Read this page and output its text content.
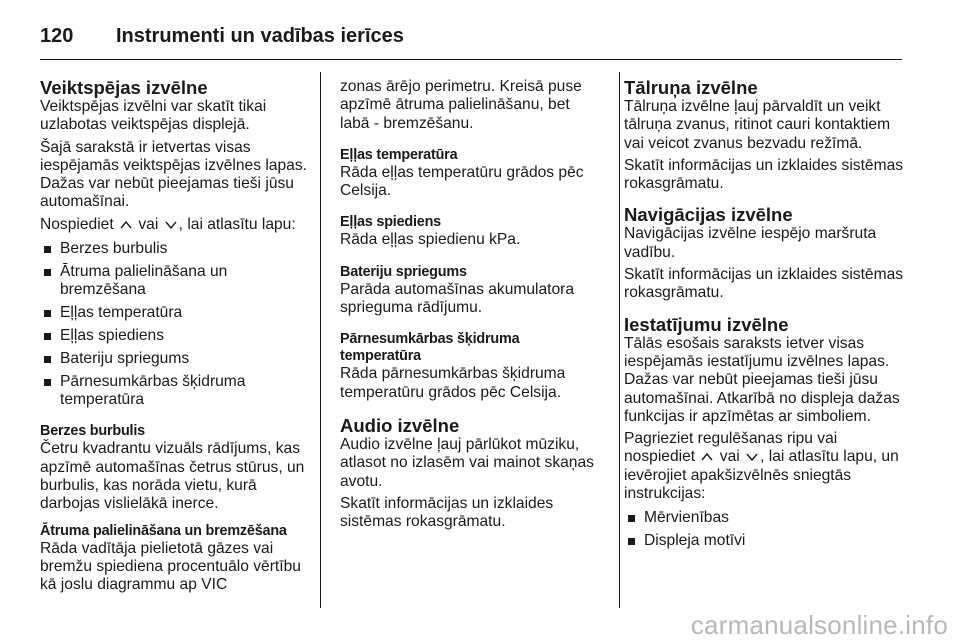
120	Instrumenti un vadības ierīces
Veiktspējas izvēlne

Veiktspējas izvēlni var skatīt tikai uzlabotas veiktspējas displejā.

Šajā sarakstā ir ietvertas visas iespējamās veiktspējas izvēlnes lapas. Dažas var nebūt pieejamas tieši jūsu automašīnai.

Nospiediet vai , lai atlasītu lapu:

Berzes burbulis
Ātruma palielināšana un bremzēšana
Eļļas temperatūra
Eļļas spiediens
Bateriju spriegums
Pārnesumkārbas šķidruma temperatūra
Berzes burbulis

Četru kvadrantu vizuāls rādījums, kas apzīmē automašīnas četrus stūrus, un burbulis, kas norāda vietu, kurā darbojas vislielākā inerce.

Ātruma palielināšana un bremzēšana

Rāda vadītāja pielietotā gāzes vai bremžu spiediena procentuālo vērtību kā joslu diagrammu ap VIC

zonas ārējo perimetru. Kreisā puse apzīmē ātruma palielināšanu, bet labā - bremzēšanu.

Eļļas temperatūra

Rāda eļļas temperatūru grādos pēc Celsija.

Eļļas spiediens

Rāda eļļas spiedienu kPa.

Bateriju spriegums

Parāda automašīnas akumulatora sprieguma rādījumu.

Pārnesumkārbas šķidruma temperatūra

Rāda pārnesumkārbas šķidruma temperatūru grādos pēc Celsija.

Audio izvēlne

Audio izvēlne ļauj pārlūkot mūziku, atlasot no izlasēm vai mainot skaņas avotu.

Skatīt informācijas un izklaides sistēmas rokasgrāmatu.

Tālruņa izvēlne

Tālruņa izvēlne ļauj pārvaldīt un veikt tālruņa zvanus, ritinot cauri kontaktiem vai veicot zvanus bezvadu režīmā.

Skatīt informācijas un izklaides sistēmas rokasgrāmatu.

Navigācijas izvēlne

Navigācijas izvēlne iespējo maršruta vadību.

Skatīt informācijas un izklaides sistēmas rokasgrāmatu.

Iestatījumu izvēlne

Tālās esošais saraksts ietver visas iespējamās iestatījumu izvēlnes lapas. Dažas var nebūt pieejamas tieši jūsu automašīnai. Atkarībā no displeja dažas funkcijas ir apzīmētas ar simboliem.

Pagrieziet regulēšanas ripu vai nospiediet vai , lai atlasītu lapu, un ievērojiet apakšizvēlnēs sniegtās instrukcijas:

Mērvienības
Displeja motīvi
carmanualsonline.info
